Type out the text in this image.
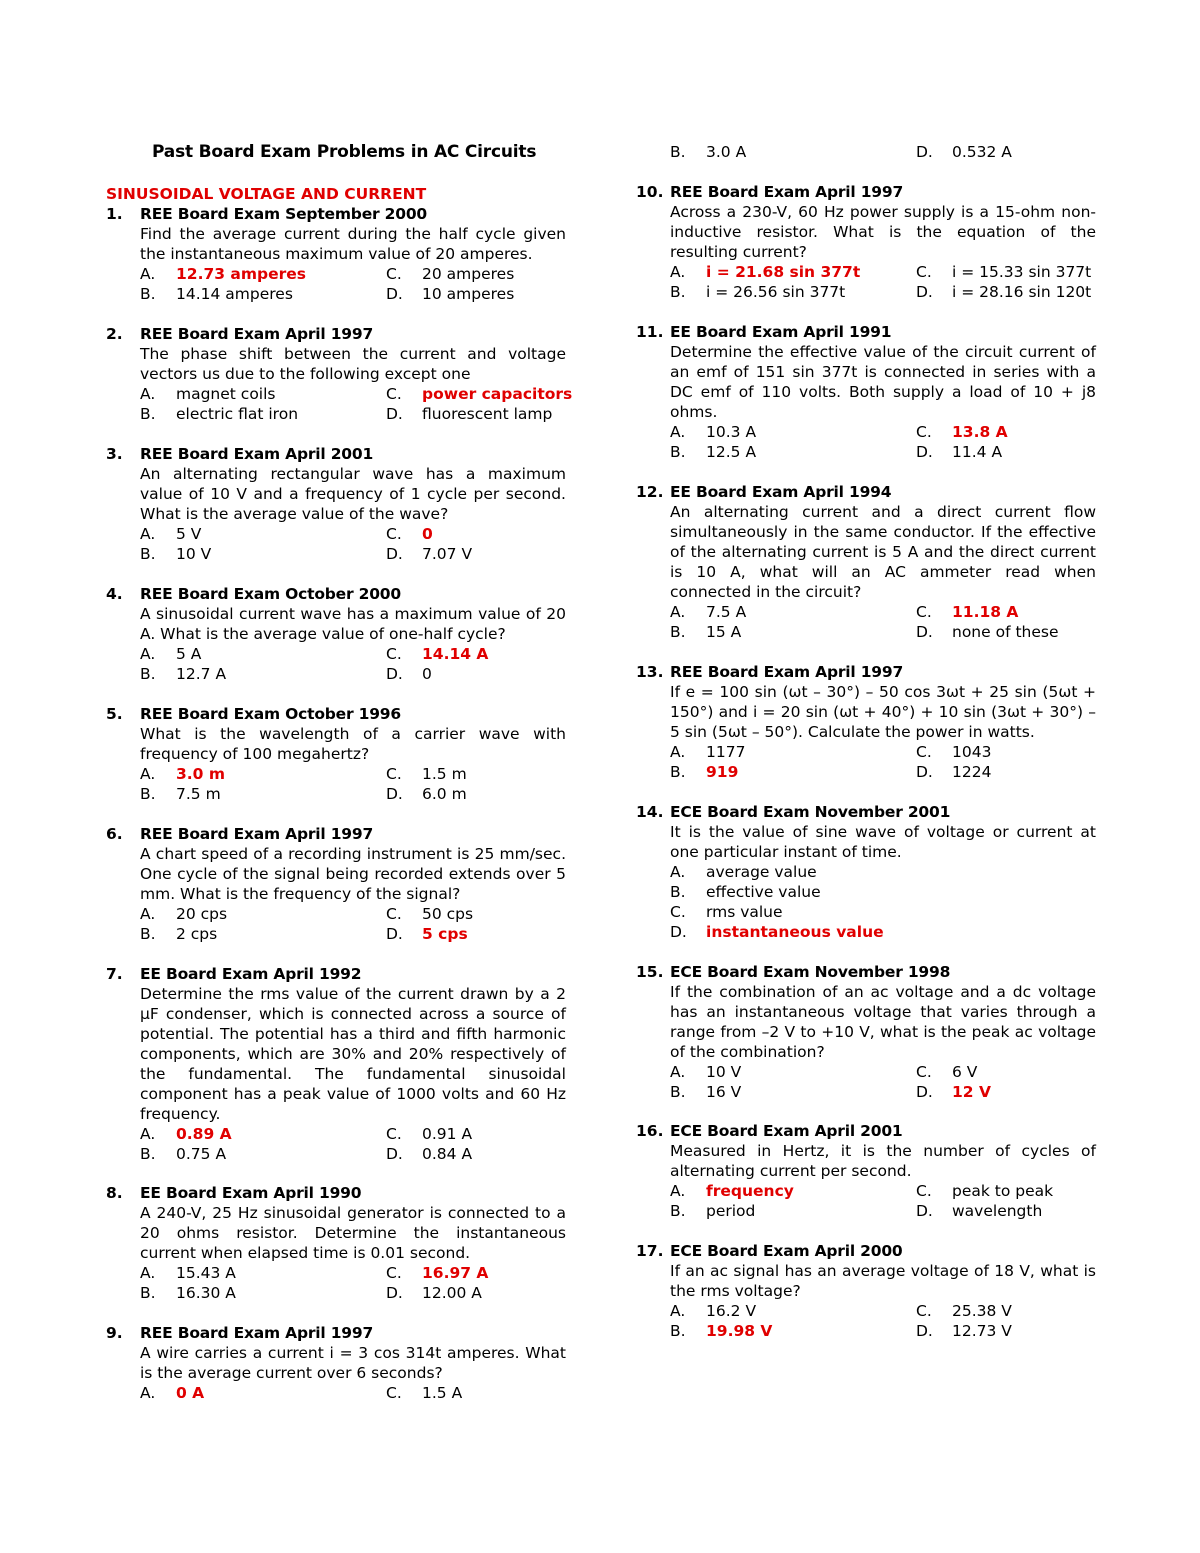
Past Board Exam Problems in AC Circuits
SINUSOIDAL VOLTAGE AND CURRENT
1.	REE Board Exam September 2000

Find the average current during the half cycle given the instantaneous maximum value of 20 amperes.

A.	12.73 amperes	C.	20 amperes
B.	14.14 amperes	D.	10 amperes
2.	REE Board Exam April 1997

The phase shift between the current and voltage vectors us due to the following except one

A.	magnet coils	C.	power capacitors
B.	electric flat iron	D.	fluorescent lamp
3.	REE Board Exam April 2001

An alternating rectangular wave has a maximum value of 10 V and a frequency of 1 cycle per second. What is the average value of the wave?

A.	5 V	C.	0
B.	10 V	D.	7.07 V
4.	REE Board Exam October 2000

A sinusoidal current wave has a maximum value of 20 A. What is the average value of one-half cycle?

A.	5 A	C.	14.14 A
B.	12.7 A	D.	0
5.	REE Board Exam October 1996

What is the wavelength of a carrier wave with frequency of 100 megahertz?

A.	3.0 m	C.	1.5 m
B.	7.5 m	D.	6.0 m
6.	REE Board Exam April 1997

A chart speed of a recording instrument is 25 mm/sec. One cycle of the signal being recorded extends over 5 mm. What is the frequency of the signal?

A.	20 cps	C.	50 cps
B.	2 cps	D.	5 cps
7.	EE Board Exam April 1992

Determine the rms value of the current drawn by a 2 µF condenser, which is connected across a source of potential. The potential has a third and fifth harmonic components, which are 30% and 20% respectively of the fundamental. The fundamental sinusoidal component has a peak value of 1000 volts and 60 Hz frequency.

A.	0.89 A	C.	0.91 A
B.	0.75 A	D.	0.84 A
8.	EE Board Exam April 1990

A 240-V, 25 Hz sinusoidal generator is connected to a 20 ohms resistor. Determine the instantaneous current when elapsed time is 0.01 second.

A.	15.43 A	C.	16.97 A
B.	16.30 A	D.	12.00 A
9.	REE Board Exam April 1997

A wire carries a current i = 3 cos 314t amperes. What is the average current over 6 seconds?

A.	0 A	C.	1.5 A
B.	3.0 A	D.	0.532 A
10. REE Board Exam April 1997

Across a 230-V, 60 Hz power supply is a 15-ohm non-inductive resistor. What is the equation of the resulting current?

A.	i = 21.68 sin 377t	C.	i = 15.33 sin 377t
B.	i = 26.56 sin 377t	D.	i = 28.16 sin 120t
11. EE Board Exam April 1991

Determine the effective value of the circuit current of an emf of 151 sin 377t is connected in series with a DC emf of 110 volts. Both supply a load of 10 + j8 ohms.

A.	10.3 A	C.	13.8 A
B.	12.5 A	D.	11.4 A
12. EE Board Exam April 1994

An alternating current and a direct current flow simultaneously in the same conductor. If the effective of the alternating current is 5 A and the direct current is 10 A, what will an AC ammeter read when connected in the circuit?

A.	7.5 A	C.	11.18 A
B.	15 A	D.	none of these
13. REE Board Exam April 1997

If e = 100 sin (ωt – 30°) – 50 cos 3ωt + 25 sin (5ωt + 150°) and i = 20 sin (ωt + 40°) + 10 sin (3ωt + 30°) – 5 sin (5ωt – 50°). Calculate the power in watts.

A.	1177	C.	1043
B.	919	D.	1224
14. ECE Board Exam November 2001

It is the value of sine wave of voltage or current at one particular instant of time.

A.	average value
B.	effective value
C.	rms value
D.	instantaneous value
15. ECE Board Exam November 1998

If the combination of an ac voltage and a dc voltage has an instantaneous voltage that varies through a range from –2 V to +10 V, what is the peak ac voltage of the combination?

A.	10 V	C.	6 V
B.	16 V	D.	12 V
16. ECE Board Exam April 2001

Measured in Hertz, it is the number of cycles of alternating current per second.

A.	frequency	C.	peak to peak
B.	period	D.	wavelength
17. ECE Board Exam April 2000

If an ac signal has an average voltage of 18 V, what is the rms voltage?

A.	16.2 V	C.	25.38 V
B.	19.98 V	D.	12.73 V
